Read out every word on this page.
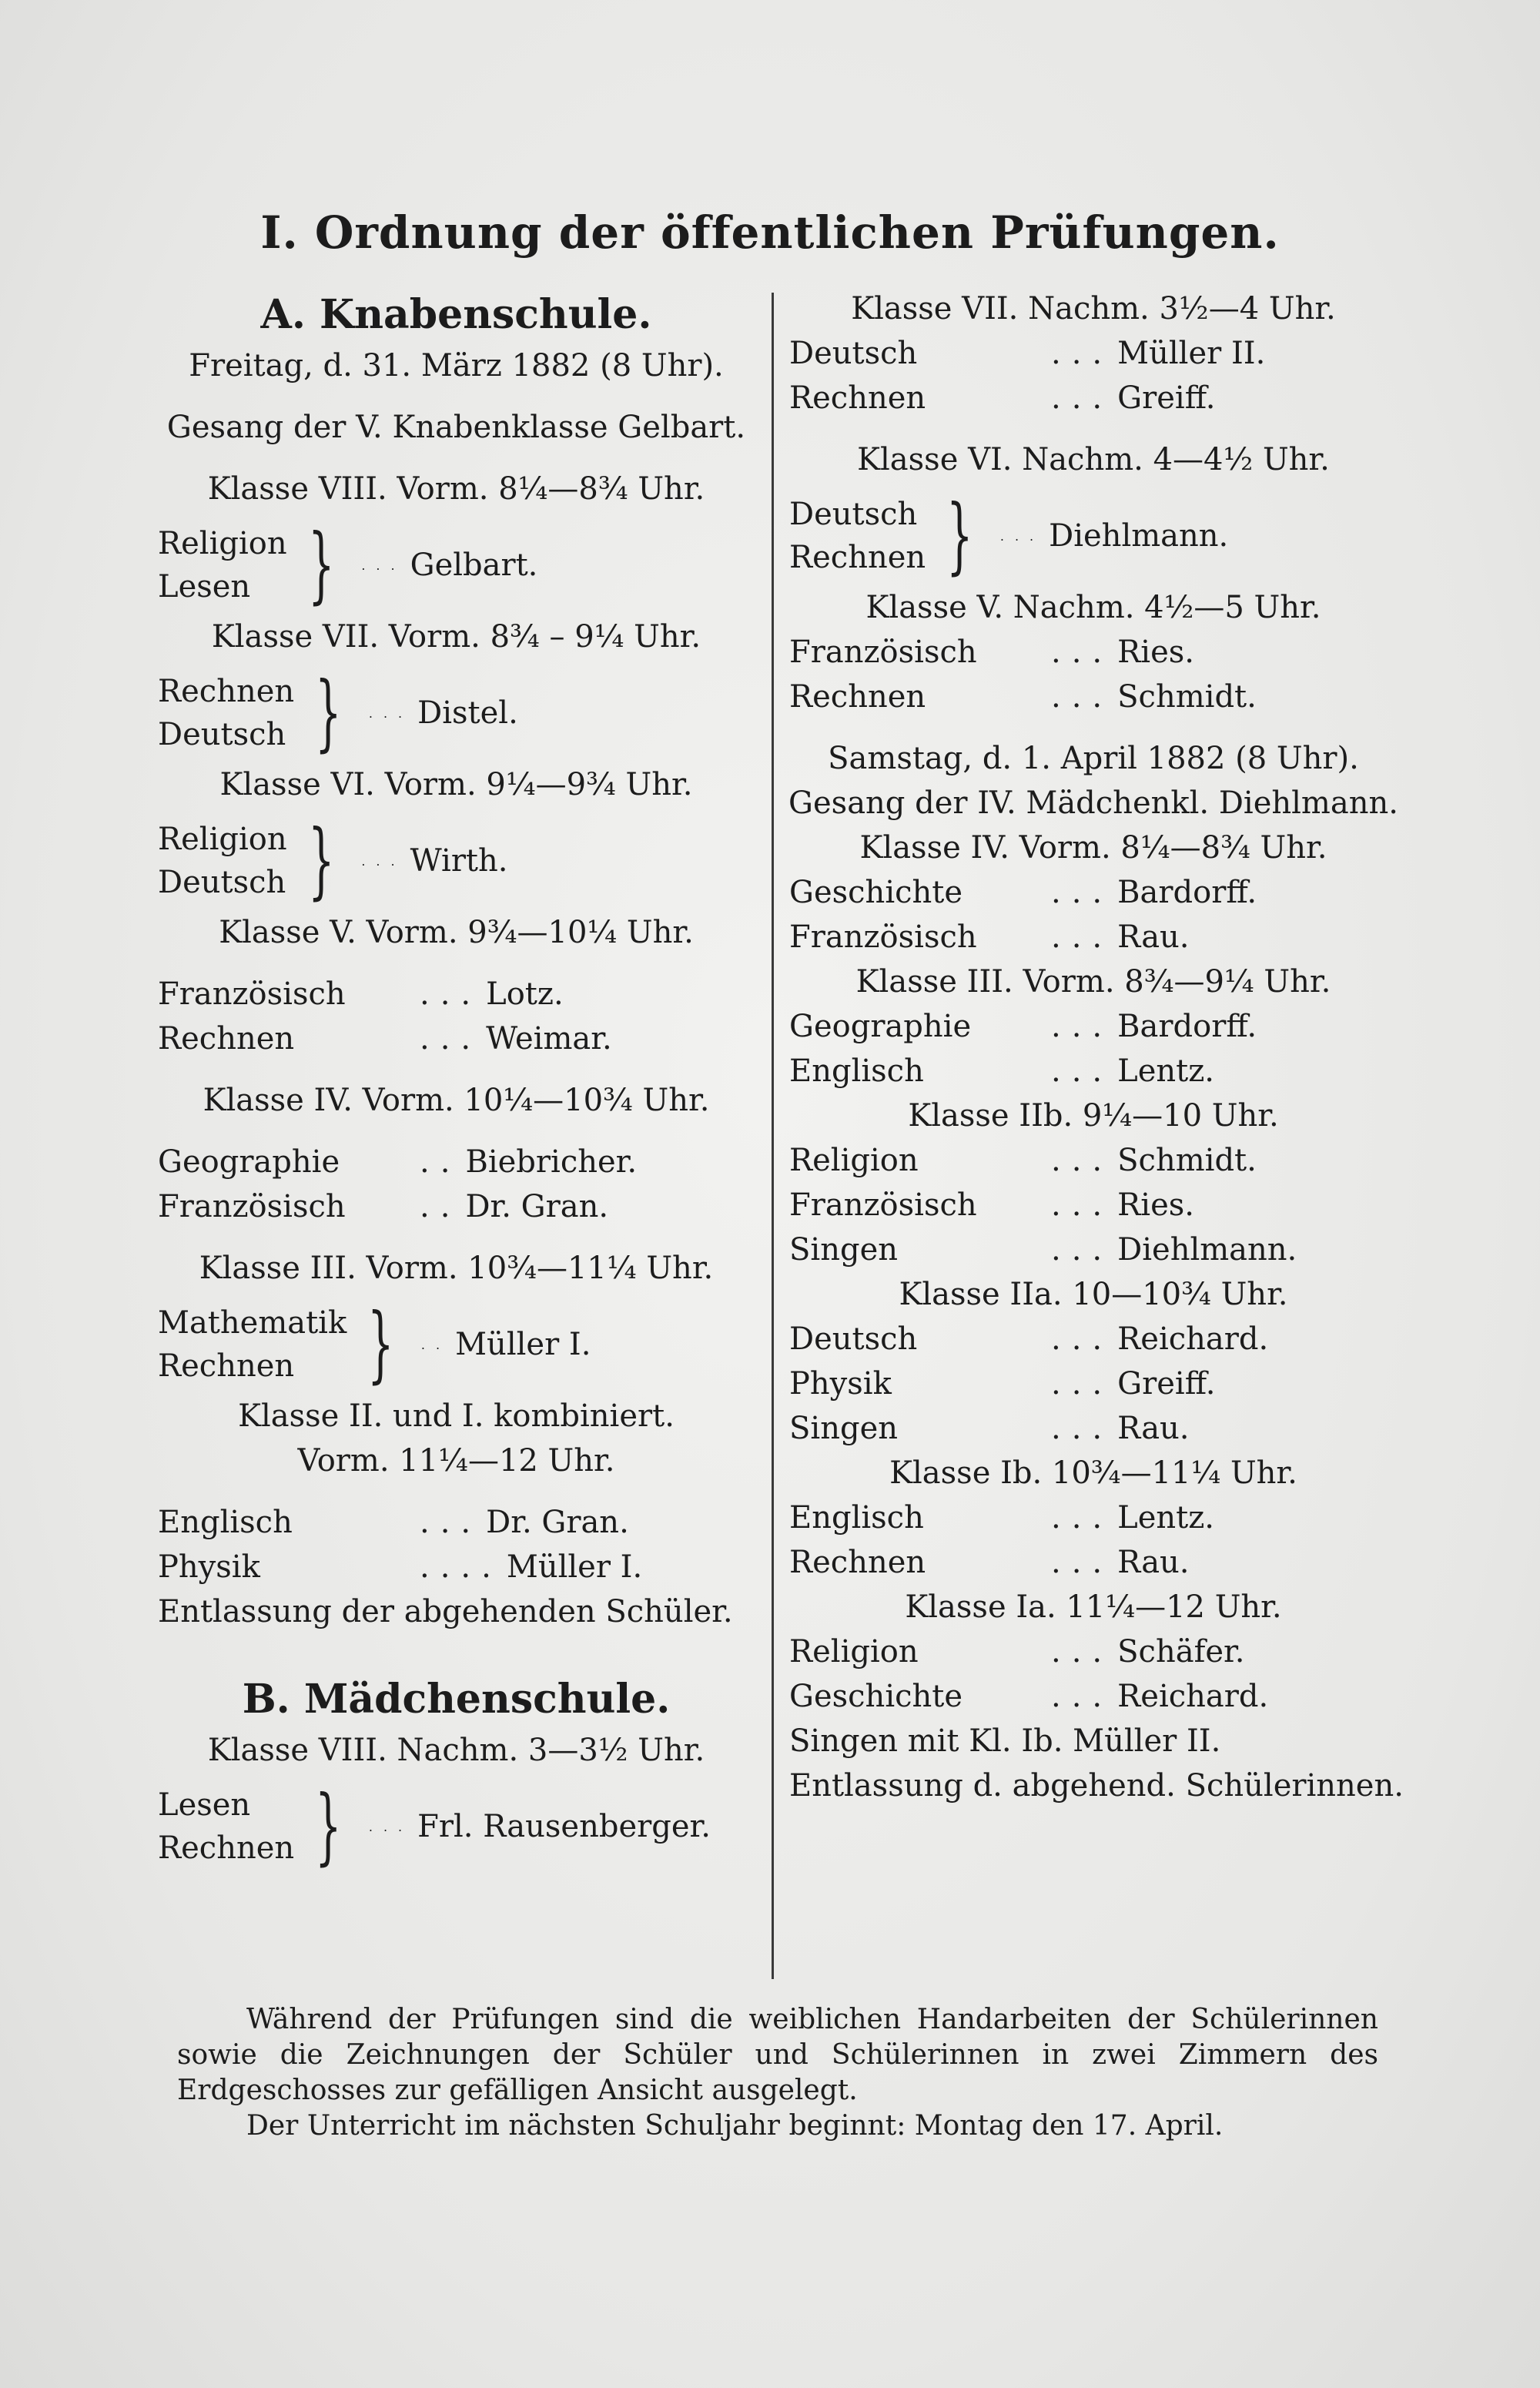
I. Ordnung der öffentlichen Prüfungen.
A. Knabenschule.
Freitag, d. 31. März 1882 (8 Uhr).
Gesang der V. Knabenklasse Gelbart.
Klasse VIII. Vorm. 8¼—8¾ Uhr.
Religion
Lesen } ... Gelbart.
Klasse VII. Vorm. 8¾ – 9¼ Uhr.
Rechnen
Deutsch } ... Distel.
Klasse VI. Vorm. 9¼—9¾ Uhr.
Religion
Deutsch } ... Wirth.
Klasse V. Vorm. 9¾—10¼ Uhr.
Französisch	... Lotz.
Rechnen	... Weimar.
Klasse IV. Vorm. 10¼—10¾ Uhr.
Geographie	.. Biebricher.
Französisch	.. Dr. Gran.
Klasse III. Vorm. 10¾—11¼ Uhr.
Mathematik
Rechnen } .. Müller I.
Klasse II. und I. kombiniert.
Vorm. 11¼—12 Uhr.
Englisch	... Dr. Gran.
Physik	.... Müller I.
Entlassung der abgehenden Schüler.
B. Mädchenschule.
Klasse VIII. Nachm. 3—3½ Uhr.
Lesen
Rechnen } ... Frl. Rausenberger.
Klasse VII. Nachm. 3½—4 Uhr.
Deutsch	... Müller II.
Rechnen	... Greiff.
Klasse VI. Nachm. 4—4½ Uhr.
Deutsch
Rechnen } ... Diehlmann.
Klasse V. Nachm. 4½—5 Uhr.
Französisch	... Ries.
Rechnen	... Schmidt.
Samstag, d. 1. April 1882 (8 Uhr).
Gesang der IV. Mädchenkl. Diehlmann.
Klasse IV. Vorm. 8¼—8¾ Uhr.
Geschichte	... Bardorff.
Französisch	... Rau.
Klasse III. Vorm. 8¾—9¼ Uhr.
Geographie	... Bardorff.
Englisch	... Lentz.
Klasse IIb. 9¼—10 Uhr.
Religion	... Schmidt.
Französisch	... Ries.
Singen	... Diehlmann.
Klasse IIa. 10—10¾ Uhr.
Deutsch	... Reichard.
Physik	... Greiff.
Singen	... Rau.
Klasse Ib. 10¾—11¼ Uhr.
Englisch	... Lentz.
Rechnen	... Rau.
Klasse Ia. 11¼—12 Uhr.
Religion	... Schäfer.
Geschichte	... Reichard.
Singen mit Kl. Ib. Müller II.
Entlassung d. abgehend. Schülerinnen.

Während der Prüfungen sind die weiblichen Handarbeiten der Schülerinnen sowie die Zeichnungen der Schüler und Schülerinnen in zwei Zimmern des Erdgeschosses zur gefälligen Ansicht ausgelegt.

Der Unterricht im nächsten Schuljahr beginnt: Montag den 17. April.
